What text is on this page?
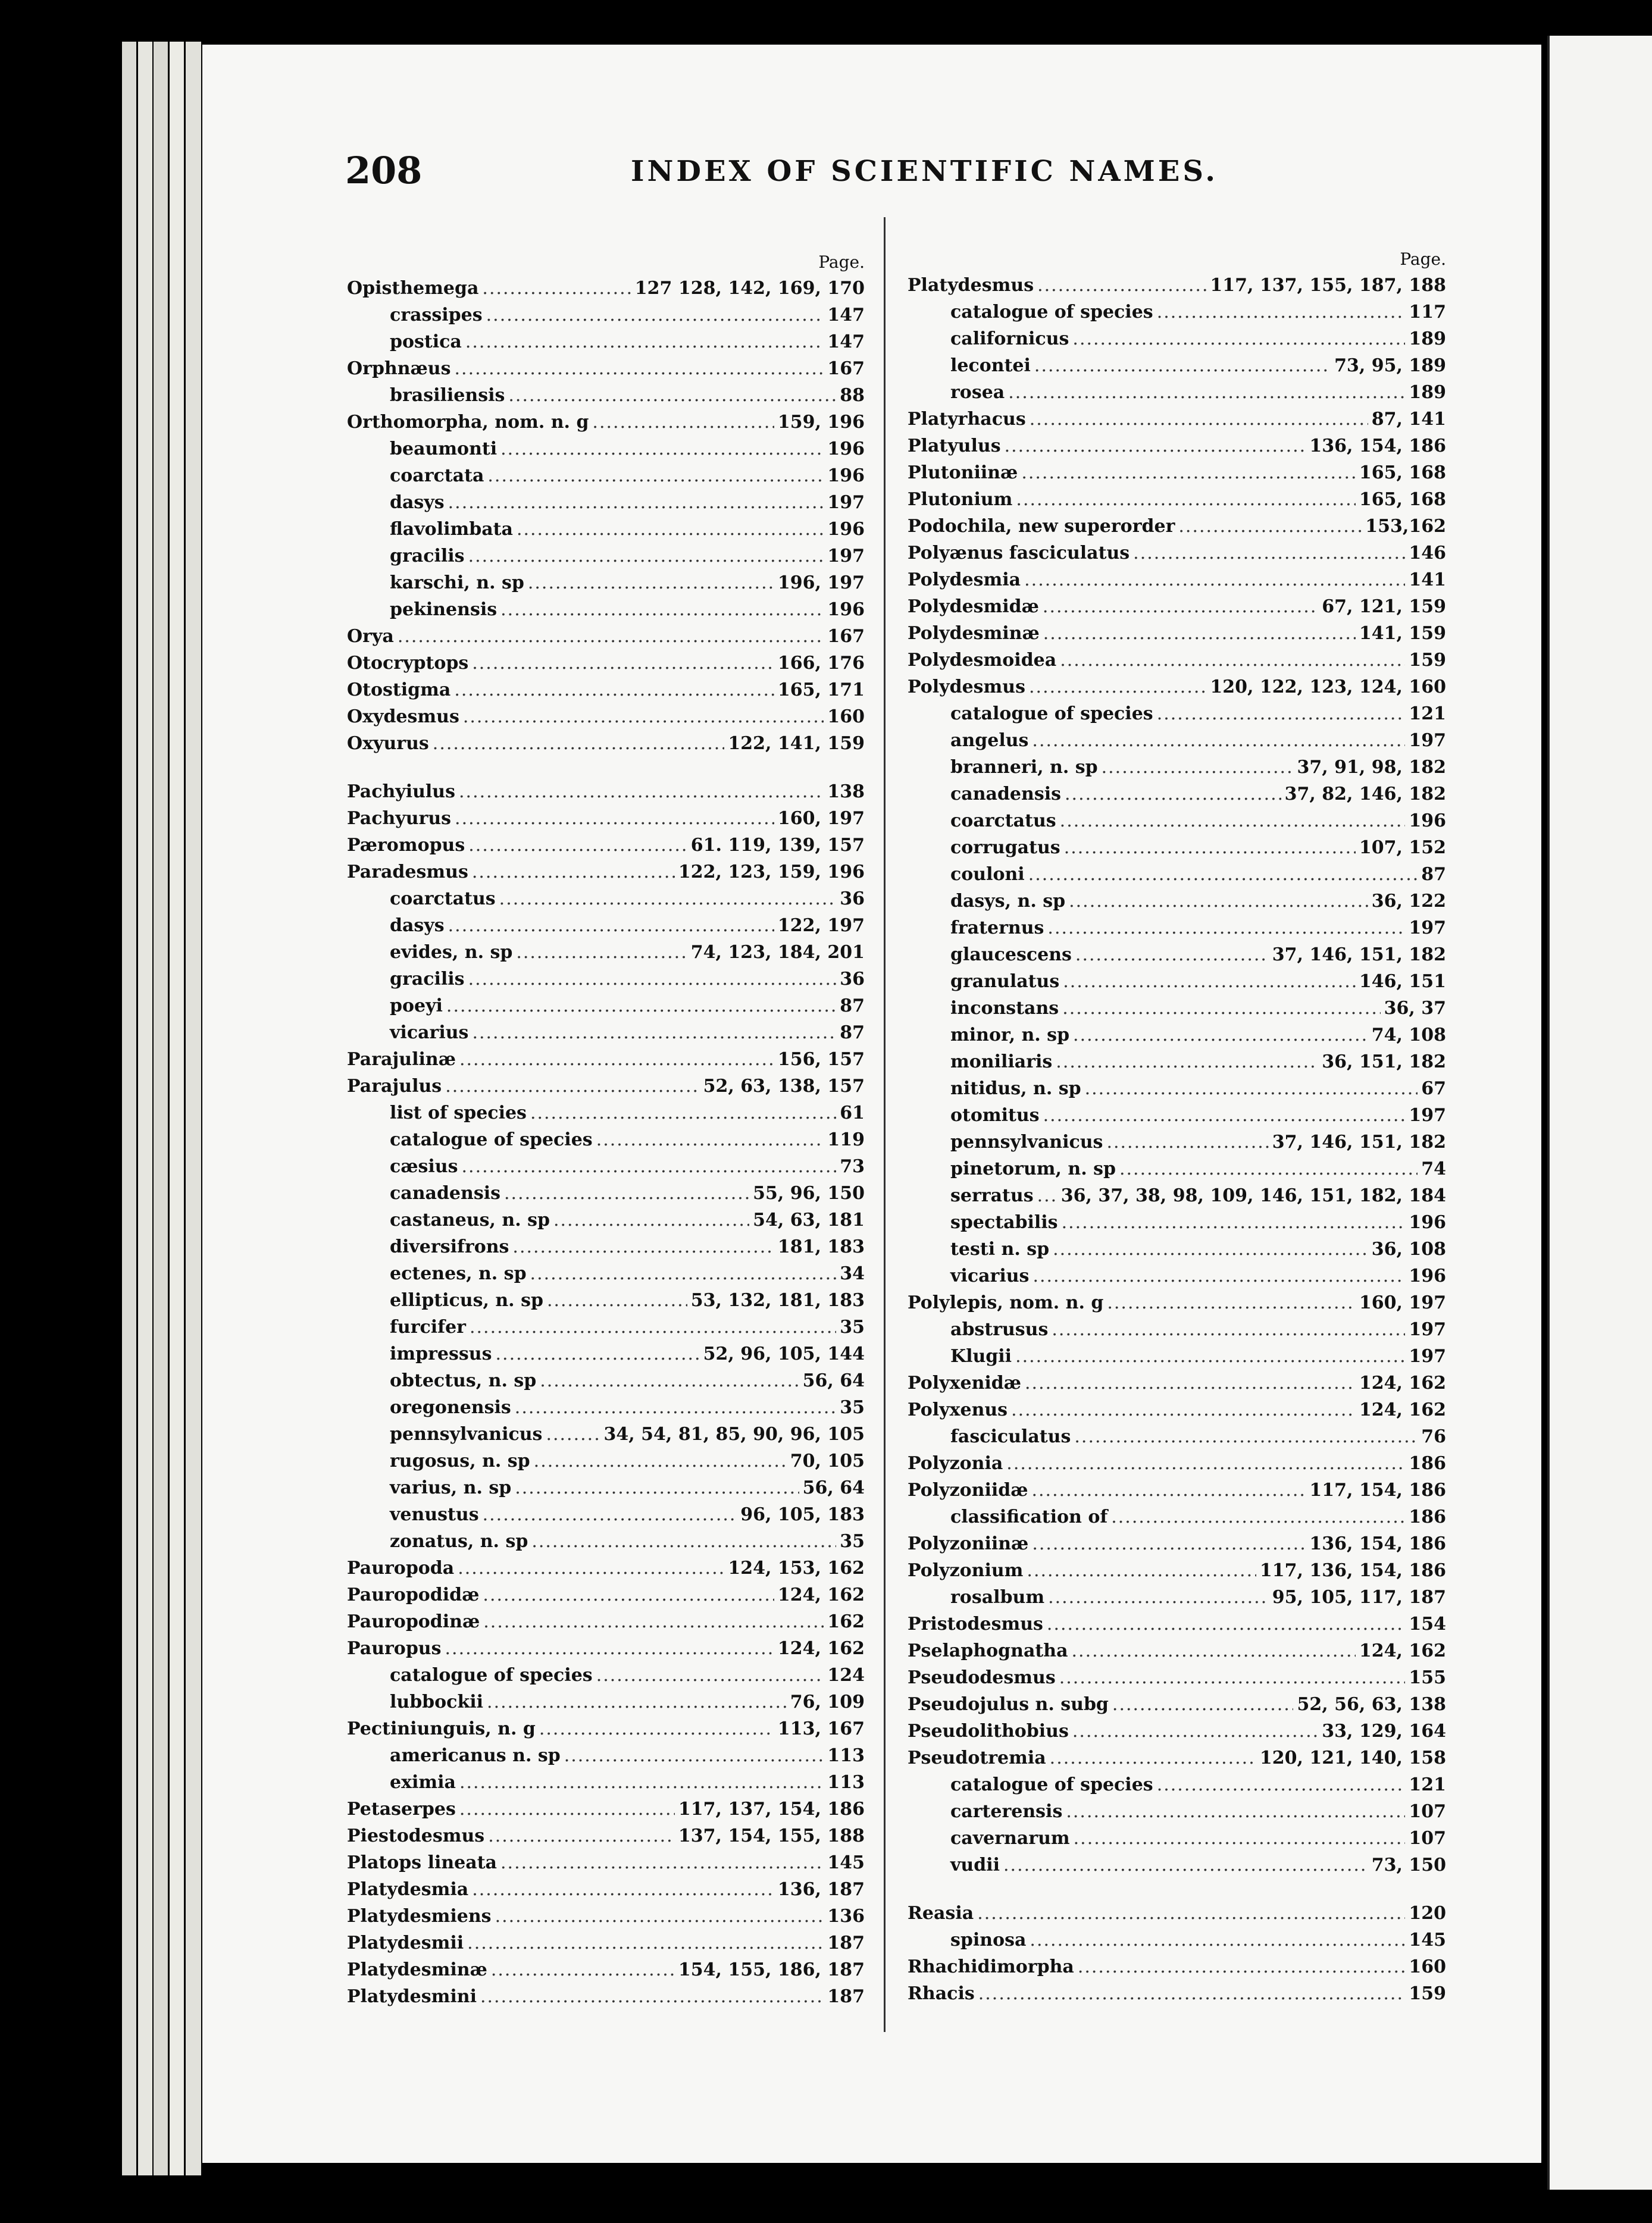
208	INDEX OF SCIENTIFIC NAMES.
Page.
Opisthemega .....	127 128, 142, 169, 170
crassipes .....	147
postica .....	147
Orphnæus .....	167
brasiliensis .....	88
Orthomorpha, nom. n. g .....	159, 196
beaumonti .....	196
coarctata .....	196
dasys .....	197
flavolimbata .....	196
gracilis .....	197
karschi, n. sp .....	196, 197
pekinensis .....	196
Orya .....	167
Otocryptops .....	166, 176
Otostigma .....	165, 171
Oxydesmus .....	160
Oxyurus .....	122, 141, 159
Pachyiulus .....	138
Pachyurus .....	160, 197
Pæromopus .....	61. 119, 139, 157
Paradesmus .....	122, 123, 159, 196
coarctatus .....	36
dasys .....	122, 197
evides, n. sp .....	74, 123, 184, 201
gracilis .....	36
poeyi .....	87
vicarius .....	87
Parajulinæ .....	156, 157
Parajulus .....	52, 63, 138, 157
list of species .....	61
catalogue of species .....	119
cæsius .....	73
canadensis .....	55, 96, 150
castaneus, n. sp .....	54, 63, 181
diversifrons .....	181, 183
ectenes, n. sp .....	34
ellipticus, n. sp .....	53, 132, 181, 183
furcifer .....	35
impressus .....	52, 96, 105, 144
obtectus, n. sp .....	56, 64
oregonensis .....	35
pennsylvanicus .....	34, 54, 81, 85, 90, 96, 105
rugosus, n. sp .....	70, 105
varius, n. sp .....	56, 64
venustus .....	96, 105, 183
zonatus, n. sp .....	35
Pauropoda .....	124, 153, 162
Pauropodidæ .....	124, 162
Pauropodinæ .....	162
Pauropus .....	124, 162
catalogue of species .....	124
lubbockii .....	76, 109
Pectiniunguis, n. g .....	113, 167
americanus n. sp .....	113
eximia .....	113
Petaserpes .....	117, 137, 154, 186
Piestodesmus .....	137, 154, 155, 188
Platops lineata .....	145
Platydesmia .....	136, 187
Platydesmiens .....	136
Platydesmii .....	187
Platydesminæ .....	154, 155, 186, 187
Platydesmini .....	187
Page.
Platydesmus .....	117, 137, 155, 187, 188
catalogue of species .....	117
californicus .....	189
lecontei .....	73, 95, 189
rosea .....	189
Platyrhacus .....	87, 141
Platyulus .....	136, 154, 186
Plutoniinæ .....	165, 168
Plutonium .....	165, 168
Podochila, new superorder .....	153,162
Polyænus fasciculatus .....	146
Polydesmia .....	141
Polydesmidæ .....	67, 121, 159
Polydesminæ .....	141, 159
Polydesmoidea .....	159
Polydesmus .....	120, 122, 123, 124, 160
catalogue of species .....	121
angelus .....	197
branneri, n. sp .....	37, 91, 98, 182
canadensis .....	37, 82, 146, 182
coarctatus .....	196
corrugatus .....	107, 152
couloni .....	87
dasys, n. sp .....	36, 122
fraternus .....	197
glaucescens .....	37, 146, 151, 182
granulatus .....	146, 151
inconstans .....	36, 37
minor, n. sp .....	74, 108
moniliaris .....	36, 151, 182
nitidus, n. sp .....	67
otomitus .....	197
pennsylvanicus .....	37, 146, 151, 182
pinetorum, n. sp .....	74
serratus ..... 36, 37, 38, 98, 109, 146, 151, 182, 184
spectabilis .....	196
testi n. sp .....	36, 108
vicarius .....	196
Polylepis, nom. n. g .....	160, 197
abstrusus .....	197
Klugii .....	197
Polyxenidæ .....	124, 162
Polyxenus .....	124, 162
fasciculatus .....	76
Polyzonia .....	186
Polyzoniidæ .....	117, 154, 186
classification of .....	186
Polyzoniinæ .....	136, 154, 186
Polyzonium .....	117, 136, 154, 186
rosalbum .....	95, 105, 117, 187
Pristodesmus .....	154
Pselaphognatha .....	124, 162
Pseudodesmus .....	155
Pseudojulus n. subg .....	52, 56, 63, 138
Pseudolithobius .....	33, 129, 164
Pseudotremia .....	120, 121, 140, 158
catalogue of species .....	121
carterensis .....	107
cavernarum .....	107
vudii .....	73, 150
Reasia .....	120
spinosa .....	145
Rhachidimorpha .....	160
Rhacis .....	159
